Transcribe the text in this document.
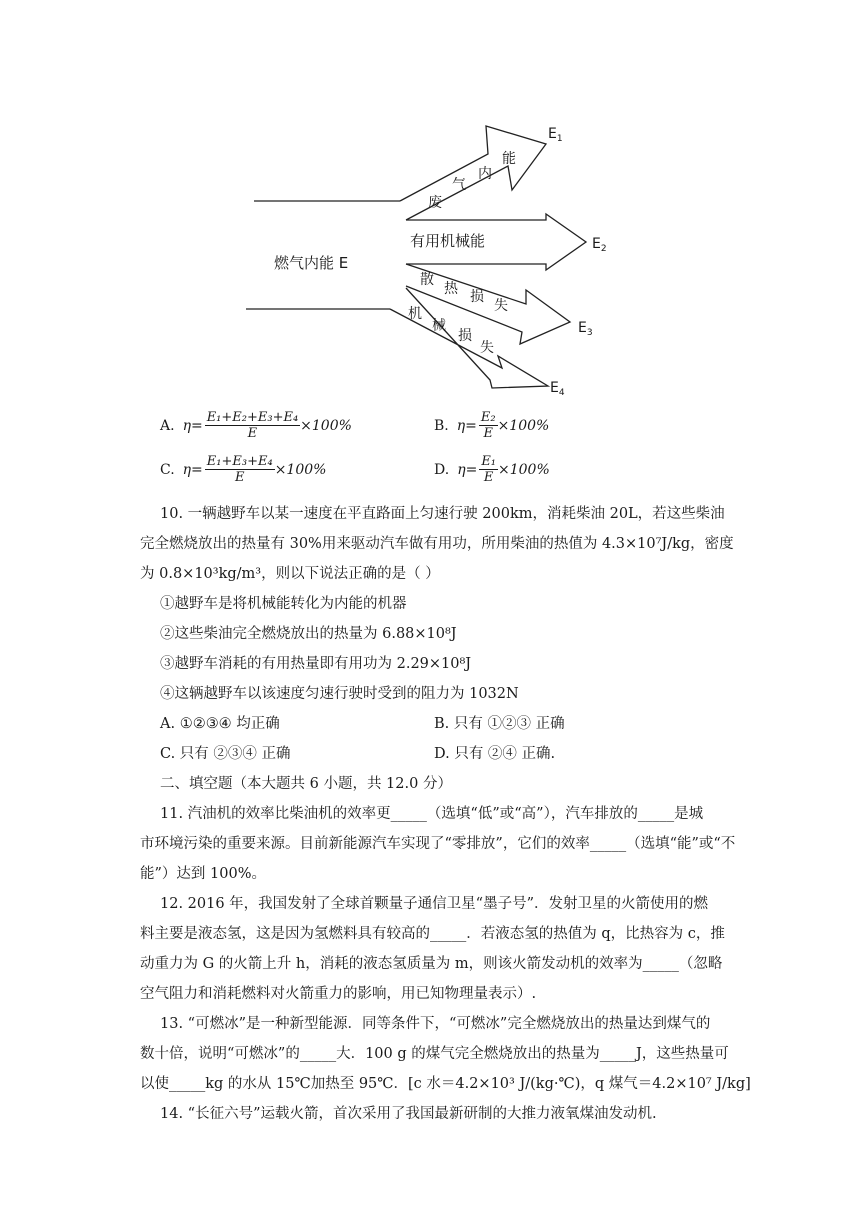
燃气内能 E
废
气
内
能
有用机械能
散
热 损
失
机
械
损
失
$E_1$
$E_2$
$E_3$
$E_4$
A. $\eta= \frac{\text{E₁+E₂+E₃+E₄}}{E} \times 100\%$	B. $\eta= \frac{\text{E₂}}{E} \times 100\%$
C. $\eta= \frac{\text{E₁+E₃+E₄}}{E} \times 100\%$	D. $\eta= \frac{\text{E₁}}{E} \times 100\%$
10. 一辆越野车以某一速度在平直路面上匀速行驶 200km，消耗柴油 20L，若这些柴油
完全燃烧放出的热量有 30%用来驱动汽车做有用功，所用柴油的热值为 4.3×10⁷J/kg，密度
为 0.8×10³kg/m³，则以下说法正确的是（ ）
①越野车是将机械能转化为内能的机器
②这些柴油完全燃烧放出的热量为 6.88×10⁸J
③越野车消耗的有用热量即有用功为 2.29×10⁸J
④这辆越野车以该速度匀速行驶时受到的阻力为 1032N
A. ①②③④ 均正确	B. 只有 ①②③ 正确
C. 只有 ②③④ 正确	D. 只有 ②④ 正确.
二、填空题（本大题共 6 小题，共 12.0 分）
11. 汽油机的效率比柴油机的效率更_____（选填“低”或“高”），汽车排放的_____是城
市环境污染的重要来源。目前新能源汽车实现了“零排放”，它们的效率_____（选填“能”或“不
能”）达到 100%。
12. 2016 年，我国发射了全球首颗量子通信卫星“墨子号”．发射卫星的火箭使用的燃
料主要是液态氢，这是因为氢燃料具有较高的_____．若液态氢的热值为 q，比热容为 c，推
动重力为 G 的火箭上升 h，消耗的液态氢质量为 m，则该火箭发动机的效率为_____（忽略
空气阻力和消耗燃料对火箭重力的影响，用已知物理量表示）.
13. “可燃冰”是一种新型能源．同等条件下，“可燃冰”完全燃烧放出的热量达到煤气的
数十倍，说明“可燃冰”的_____大．100 g 的煤气完全燃烧放出的热量为_____J，这些热量可
以使_____kg 的水从 15℃加热至 95℃．[c 水＝4.2×10³ J/(kg·℃)，q 煤气＝4.2×10⁷ J/kg]
14. “长征六号”运载火箭，首次采用了我国最新研制的大推力液氧煤油发动机.
